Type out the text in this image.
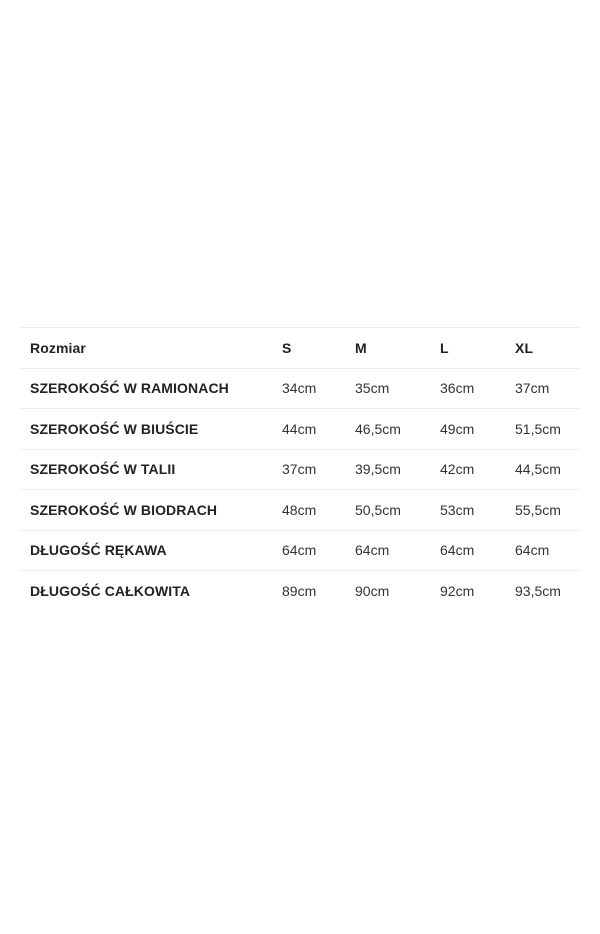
Rozmiar	S	M	L	XL
SZEROKOŚĆ W RAMIONACH	34cm	35cm	36cm	37cm
SZEROKOŚĆ W BIUŚCIE	44cm	46,5cm	49cm	51,5cm
SZEROKOŚĆ W TALII	37cm	39,5cm	42cm	44,5cm
SZEROKOŚĆ W BIODRACH	48cm	50,5cm	53cm	55,5cm
DŁUGOŚĆ RĘKAWA	64cm	64cm	64cm	64cm
DŁUGOŚĆ CAŁKOWITA	89cm	90cm	92cm	93,5cm
